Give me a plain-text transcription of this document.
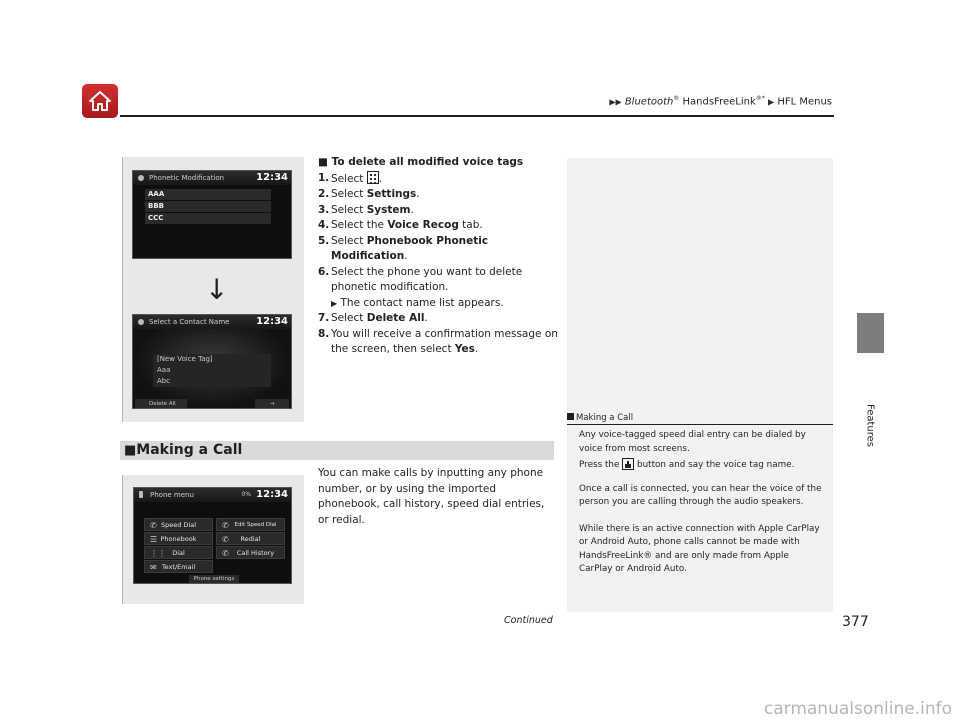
▶▶ Bluetooth® HandsFreeLink®* ▶ HFL Menus
Features
Phonetic Modification	12:34
AAA
BBB
CCC
↓
Select a Contact Name	12:34
[New Voice Tag]
Aaa
Abc
Delete All	→
■ To delete all modified voice tags
1. Select .
2. Select Settings.
3. Select System.
4. Select the Voice Recog tab.
5. Select Phonebook Phonetic Modification.
6. Select the phone you want to delete phonetic modification.
▶ The contact name list appears.
7. Select Delete All.
8. You will receive a confirmation message on the screen, then select Yes.
■Making a Call
Phone menu	0% 12:34
✆ Speed Dial	✆ Edit Speed Dial
☰ Phonebook	✆ Redial
⋮⋮ Dial	✆ Call History
✉ Text/Email
Phone settings
You can make calls by inputting any phone number, or by using the imported phonebook, call history, speed dial entries, or redial.
Making a Call

Any voice-tagged speed dial entry can be dialed by voice from most screens.

Press the  button and say the voice tag name.

Once a call is connected, you can hear the voice of the person you are calling through the audio speakers.

While there is an active connection with Apple CarPlay or Android Auto, phone calls cannot be made with HandsFreeLink® and are only made from Apple CarPlay or Android Auto.

Continued	377
carmanualsonline.info
